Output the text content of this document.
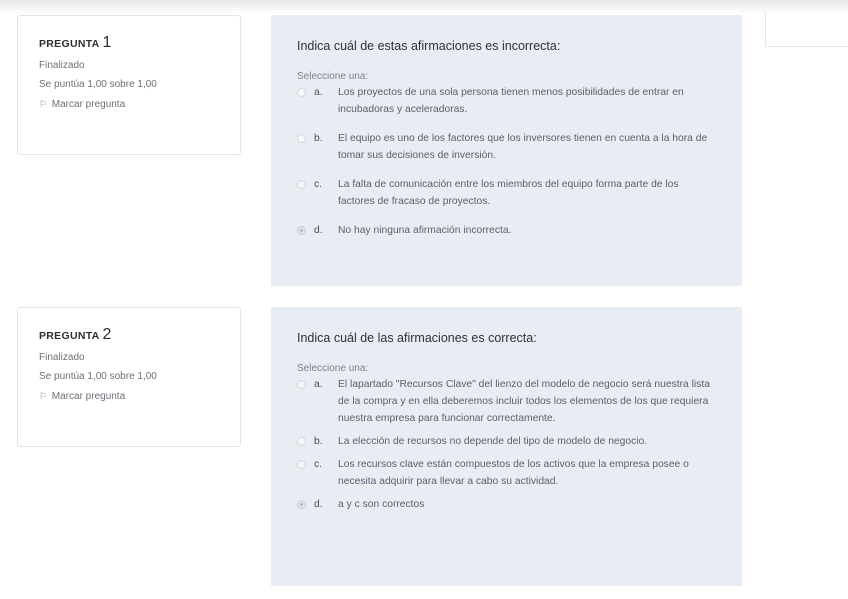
PREGUNTA 1
Finalizado
Se puntúa 1,00 sobre 1,00
⚐ Marcar pregunta
Indica cuál de estas afirmaciones es incorrecta:
Seleccione una:
a.	Los proyectos de una sola persona tienen menos posibilidades de entrar en incubadoras y aceleradoras.
b.	El equipo es uno de los factores que los inversores tienen en cuenta a la hora de tomar sus decisiones de inversión.
c.	La falta de comunicación entre los miembros del equipo forma parte de los factores de fracaso de proyectos.
d.	No hay ninguna afirmación incorrecta.
PREGUNTA 2
Finalizado
Se puntúa 1,00 sobre 1,00
⚐ Marcar pregunta
Indica cuál de las afirmaciones es correcta:
Seleccione una:
a.	El lapartado "Recursos Clave" del lienzo del modelo de negocio será nuestra lista de la compra y en ella deberemos incluir todos los elementos de los que requiera nuestra empresa para funcionar correctamente.
b.	La elección de recursos no depende del tipo de modelo de negocio.
c.	Los recursos clave están compuestos de los activos que la empresa posee o necesita adquirir para llevar a cabo su actividad.
d.	a y c son correctos
